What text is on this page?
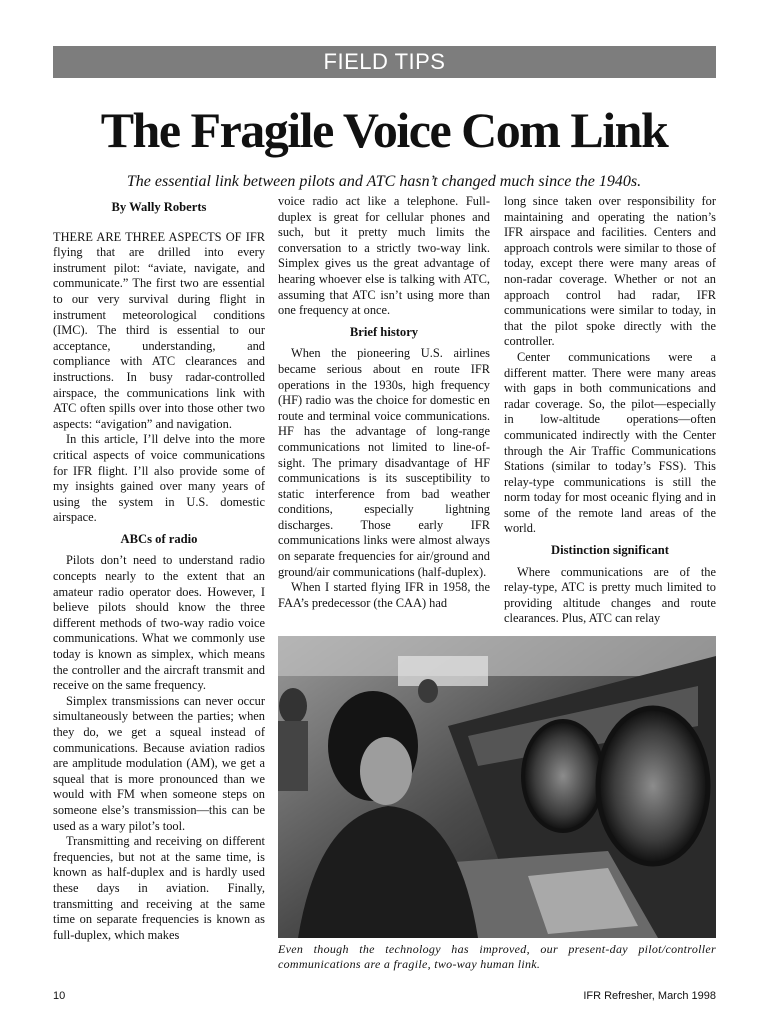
FIELD TIPS
The Fragile Voice Com Link
The essential link between pilots and ATC hasn’t changed much since the 1940s.
By Wally Roberts

THERE ARE THREE ASPECTS OF IFR flying that are drilled into every instrument pilot: “aviate, navigate, and communicate.” The first two are essential to our very survival during flight in instrument meteorological conditions (IMC). The third is essential to our acceptance, understanding, and compliance with ATC clearances and instructions. In busy radar-controlled airspace, the communications link with ATC often spills over into those other two aspects: “avigation” and navigation.

In this article, I’ll delve into the more critical aspects of voice communications for IFR flight. I’ll also provide some of my insights gained over many years of using the system in U.S. domestic airspace.

ABCs of radio

Pilots don’t need to understand radio concepts nearly to the extent that an amateur radio operator does. However, I believe pilots should know the three different methods of two-way radio voice communications. What we commonly use today is known as simplex, which means the controller and the aircraft transmit and receive on the same frequency.

Simplex transmissions can never occur simultaneously between the parties; when they do, we get a squeal instead of communications. Because aviation radios are amplitude modulation (AM), we get a squeal that is more pronounced than we would with FM when someone steps on someone else’s transmission—this can be used as a wary pilot’s tool.

Transmitting and receiving on different frequencies, but not at the same time, is known as half-duplex and is hardly used these days in aviation. Finally, transmitting and receiving at the same time on separate frequencies is known as full-duplex, which makes

voice radio act like a telephone. Full-duplex is great for cellular phones and such, but it pretty much limits the conversation to a strictly two-way link. Simplex gives us the great advantage of hearing whoever else is talking with ATC, assuming that ATC isn’t using more than one frequency at once.

Brief history

When the pioneering U.S. airlines became serious about en route IFR operations in the 1930s, high frequency (HF) radio was the choice for domestic en route and terminal voice communications. HF has the advantage of long-range communications not limited to line-of-sight. The primary disadvantage of HF communications is its susceptibility to static interference from bad weather conditions, especially lightning discharges. Those early IFR communications links were almost always on separate frequencies for air/ground and ground/air communications (half-duplex).

When I started flying IFR in 1958, the FAA’s predecessor (the CAA) had

long since taken over responsibility for maintaining and operating the nation’s IFR airspace and facilities. Centers and approach controls were similar to those of today, except there were many areas of non-radar coverage. Whether or not an approach control had radar, IFR communications were similar to today, in that the pilot spoke directly with the controller.

Center communications were a different matter. There were many areas with gaps in both communications and radar coverage. So, the pilot—especially in low-altitude operations—often communicated indirectly with the Center through the Air Traffic Communications Stations (similar to today’s FSS). This relay-type communications is still the norm today for most oceanic flying and in some of the remote land areas of the world.

Distinction significant

Where communications are of the relay-type, ATC is pretty much limited to providing altitude changes and route clearances. Plus, ATC can relay

Even though the technology has improved, our present-day pilot/controller communications are a fragile, two-way human link.
10	IFR Refresher, March 1998
